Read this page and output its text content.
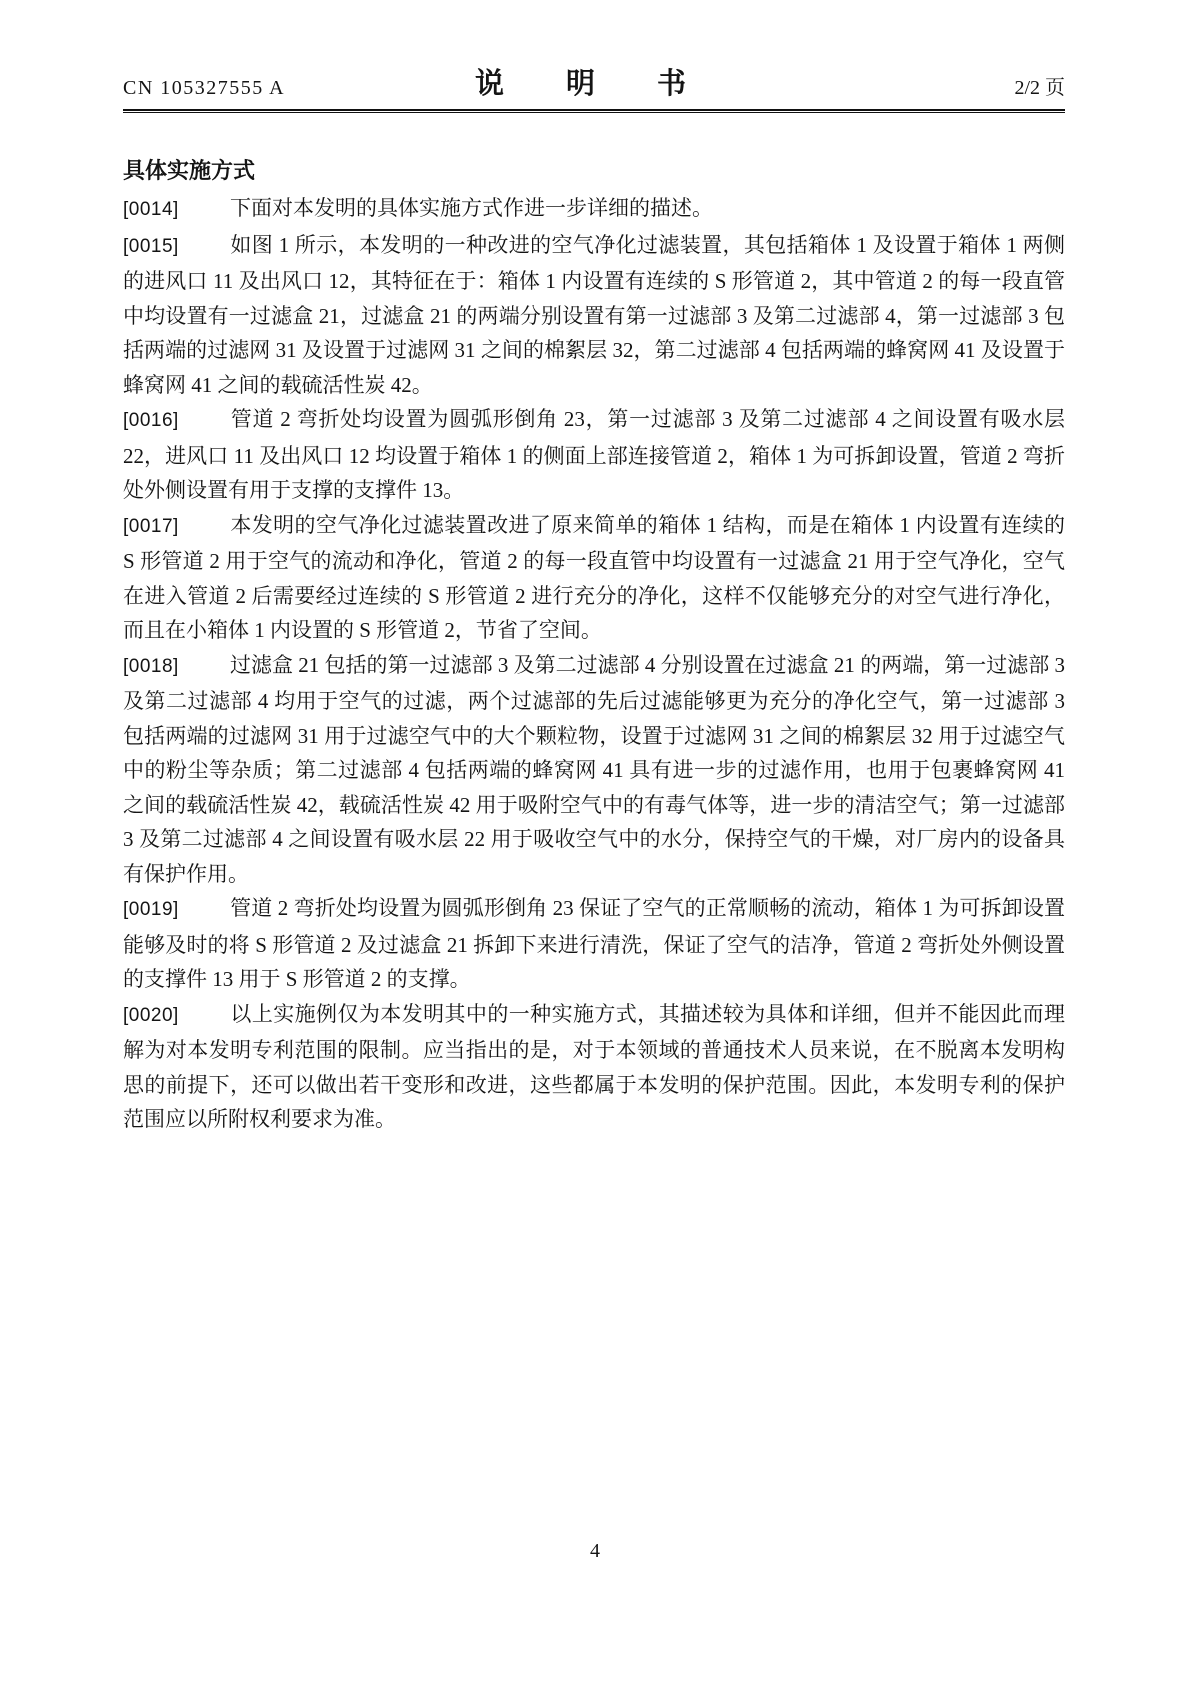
CN 105327555 A	说 明 书	2/2 页
具体实施方式

[0014] 下面对本发明的具体实施方式作进一步详细的描述。

[0015] 如图 1 所示，本发明的一种改进的空气净化过滤装置，其包括箱体 1 及设置于箱体 1 两侧的进风口 11 及出风口 12，其特征在于：箱体 1 内设置有连续的 S 形管道 2，其中管道 2 的每一段直管中均设置有一过滤盒 21，过滤盒 21 的两端分别设置有第一过滤部 3 及第二过滤部 4，第一过滤部 3 包括两端的过滤网 31 及设置于过滤网 31 之间的棉絮层 32，第二过滤部 4 包括两端的蜂窝网 41 及设置于蜂窝网 41 之间的载硫活性炭 42。

[0016] 管道 2 弯折处均设置为圆弧形倒角 23，第一过滤部 3 及第二过滤部 4 之间设置有吸水层 22，进风口 11 及出风口 12 均设置于箱体 1 的侧面上部连接管道 2，箱体 1 为可拆卸设置，管道 2 弯折处外侧设置有用于支撑的支撑件 13。

[0017] 本发明的空气净化过滤装置改进了原来简单的箱体 1 结构，而是在箱体 1 内设置有连续的 S 形管道 2 用于空气的流动和净化，管道 2 的每一段直管中均设置有一过滤盒 21 用于空气净化，空气在进入管道 2 后需要经过连续的 S 形管道 2 进行充分的净化，这样不仅能够充分的对空气进行净化，而且在小箱体 1 内设置的 S 形管道 2，节省了空间。

[0018] 过滤盒 21 包括的第一过滤部 3 及第二过滤部 4 分别设置在过滤盒 21 的两端，第一过滤部 3 及第二过滤部 4 均用于空气的过滤，两个过滤部的先后过滤能够更为充分的净化空气，第一过滤部 3 包括两端的过滤网 31 用于过滤空气中的大个颗粒物，设置于过滤网 31 之间的棉絮层 32 用于过滤空气中的粉尘等杂质；第二过滤部 4 包括两端的蜂窝网 41 具有进一步的过滤作用，也用于包裹蜂窝网 41 之间的载硫活性炭 42，载硫活性炭 42 用于吸附空气中的有毒气体等，进一步的清洁空气；第一过滤部 3 及第二过滤部 4 之间设置有吸水层 22 用于吸收空气中的水分，保持空气的干燥，对厂房内的设备具有保护作用。

[0019] 管道 2 弯折处均设置为圆弧形倒角 23 保证了空气的正常顺畅的流动，箱体 1 为可拆卸设置能够及时的将 S 形管道 2 及过滤盒 21 拆卸下来进行清洗，保证了空气的洁净，管道 2 弯折处外侧设置的支撑件 13 用于 S 形管道 2 的支撑。

[0020] 以上实施例仅为本发明其中的一种实施方式，其描述较为具体和详细，但并不能因此而理解为对本发明专利范围的限制。应当指出的是，对于本领域的普通技术人员来说，在不脱离本发明构思的前提下，还可以做出若干变形和改进，这些都属于本发明的保护范围。因此，本发明专利的保护范围应以所附权利要求为准。

4
